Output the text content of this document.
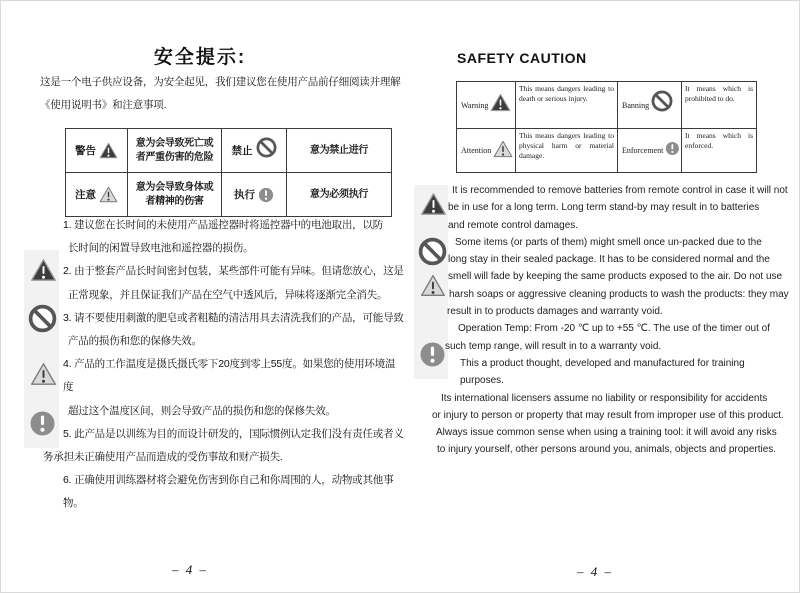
安全提示:
这是一个电子供应设备，为安全起见，我们建议您在使用产品前仔细阅读并理解
《使用说明书》和注意事项.
警告	意为会导致死亡或者严重伤害的危险	禁止	意为禁止进行

注意	意为会导致身体或者精神的伤害	执行	意为必须执行
1. 建议您在长时间的未使用产品遥控器时将遥控器中的电池取出，以防
长时间的闲置导致电池和遥控器的损伤。
2. 由于整套产品长时间密封包装，某些部件可能有异味。但请您放心，这是
正常现象，并且保证我们产品在空气中透风后，异味将逐渐完全消失。
3. 请不要使用刺激的肥皂或者粗糙的清洁用具去清洗我们的产品，可能导致
产品的损伤和您的保修失效。
4. 产品的工作温度是摄氏摄氏零下20度到零上55度。如果您的使用环境温度
超过这个温度区间，则会导致产品的损伤和您的保修失效。
5. 此产品是以训练为目的而设计研发的，国际惯例认定我们没有责任或者义
务承担未正确使用产品而造成的受伤事故和财产损失.
6. 正确使用训练器材将会避免伤害到你自己和你周围的人，动物或其他事物。
– 4 –
SAFETY CAUTION
Warning	This means dangers leading to death or serious injury.	Banning	It means which is prohibited to do.

Attention	This means dangers leading to physical harm or material damage.	Enforcement	It means which is enforced.
It is recommended to remove batteries from remote control in case it will not
be in use for a long term. Long term stand-by may result in to batteries
and remote control damages.
Some items (or parts of them) might smell once un-packed due to the
long stay in their sealed package. It has to be considered normal and the
smell will fade by keeping the same products exposed to the air. Do not use
harsh soaps or aggressive cleaning products to wash the products: they may
result in to products damages and warranty void.
Operation Temp: From -20 ℃ up to +55 ℃. The use of the timer out of
such temp range, will result in to a warranty void.
This a product thought, developed and manufactured for training purposes.
Its international licensers assume no liability or responsibility for accidents
or injury to person or property that may result from improper use of this product.
Always issue common sense when using a training tool: it will avoid any risks
to injury yourself, other persons around you, animals, objects and properties.
– 4 –
